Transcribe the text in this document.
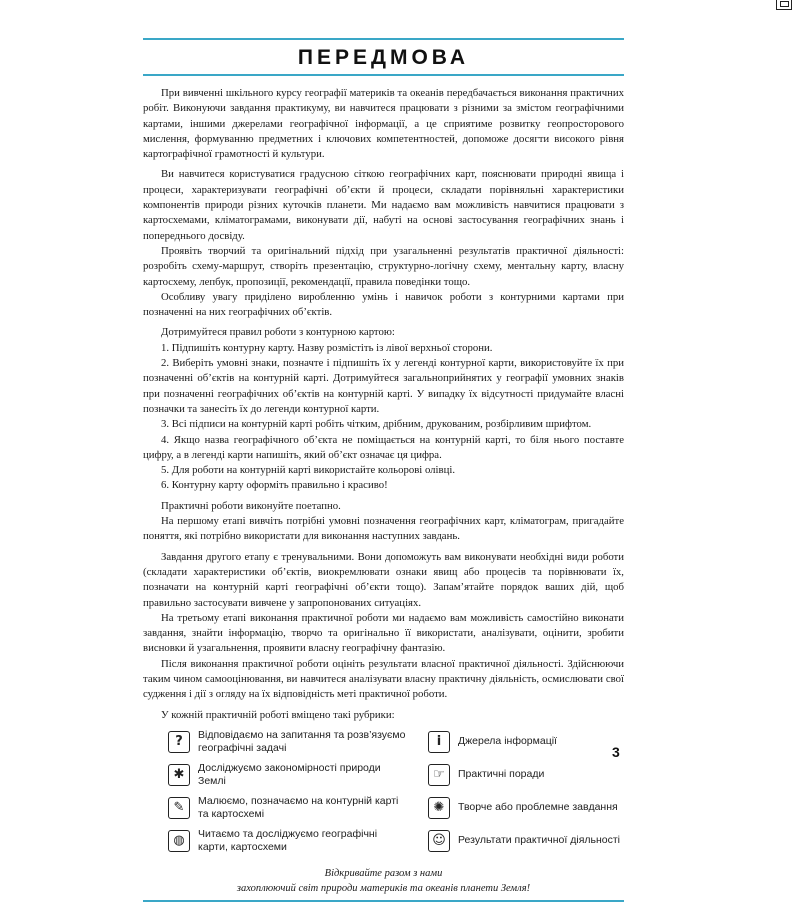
ПЕРЕДМОВА

При вивченні шкільного курсу географії материків та океанів передбачається виконання практичних робіт. Виконуючи завдання практикуму, ви навчитеся працювати з різними за змістом географічними картами, іншими джерелами географічної інформації, а це сприятиме розвитку геопросторового мислення, формуванню предметних і ключових компетентностей, допоможе досягти високого рівня картографічної грамотності й культури.

Ви навчитеся користуватися градусною сіткою географічних карт, пояснювати природні явища і процеси, характеризувати географічні об’єкти й процеси, складати порівняльні характеристики компонентів природи різних куточків планети. Ми надаємо вам можливість навчитися працювати з картосхемами, кліматограмами, виконувати дії, набуті на основі застосування географічних знань і попереднього досвіду.

Проявіть творчий та оригінальний підхід при узагальненні результатів практичної діяльності: розробіть схему-маршрут, створіть презентацію, структурно-логічну схему, ментальну карту, власну картосхему, лепбук, пропозиції, рекомендації, правила поведінки тощо.

Особливу увагу приділено виробленню умінь і навичок роботи з контурними картами при позначенні на них географічних об’єктів.

Дотримуйтеся правил роботи з контурною картою:

1. Підпишіть контурну карту. Назву розмістіть із лівої верхньої сторони.

2. Виберіть умовні знаки, позначте і підпишіть їх у легенді контурної карти, використовуйте їх при позначенні об’єктів на контурній карті. Дотримуйтеся загальноприйнятих у географії умовних знаків при позначенні географічних об’єктів на контурній карті. У випадку їх відсутності придумайте власні позначки та занесіть їх до легенди контурної карти.

3. Всі підписи на контурній карті робіть чітким, дрібним, друкованим, розбірливим шрифтом.

4. Якщо назва географічного об’єкта не поміщається на контурній карті, то біля нього поставте цифру, а в легенді карти напишіть, який об’єкт означає ця цифра.

5. Для роботи на контурній карті використайте кольорові олівці.

6. Контурну карту оформіть правильно і красиво!

Практичні роботи виконуйте поетапно.

На першому етапі вивчіть потрібні умовні позначення географічних карт, кліматограм, пригадайте поняття, які потрібно використати для виконання наступних завдань.

Завдання другого етапу є тренувальними. Вони допоможуть вам виконувати необхідні види роботи (складати характеристики об’єктів, виокремлювати ознаки явищ або процесів та порівнювати їх, позначати на контурній карті географічні об’єкти тощо). Запам’ятайте порядок ваших дій, щоб правильно застосувати вивчене у запропонованих ситуаціях.

На третьому етапі виконання практичної роботи ми надаємо вам можливість самостійно виконати завдання, знайти інформацію, творчо та оригінально її використати, аналізувати, оцінити, зробити висновки й узагальнення, проявити власну географічну фантазію.

Після виконання практичної роботи оцініть результати власної практичної діяльності. Здійснюючи таким чином самооцінювання, ви навчитеся аналізувати власну практичну діяльність, осмислювати свої судження і дії з огляду на їх відповідність меті практичної роботи.

У кожній практичній роботі вміщено такі рубрики:

?	Відповідаємо на запитання та розв’язуємо географічні задачі	i	Джерела інформації
✱	Досліджуємо закономірності природи Землі	☞	Практичні поради
✎	Малюємо, позначаємо на контурній карті та картосхемі	✺	Творче або проблемне завдання
◍	Читаємо та досліджуємо географічні карти, картосхеми	☺	Результати практичної діяльності
Відкривайте разом з нами
захоплюючий світ природи материків та океанів планети Земля!
3
